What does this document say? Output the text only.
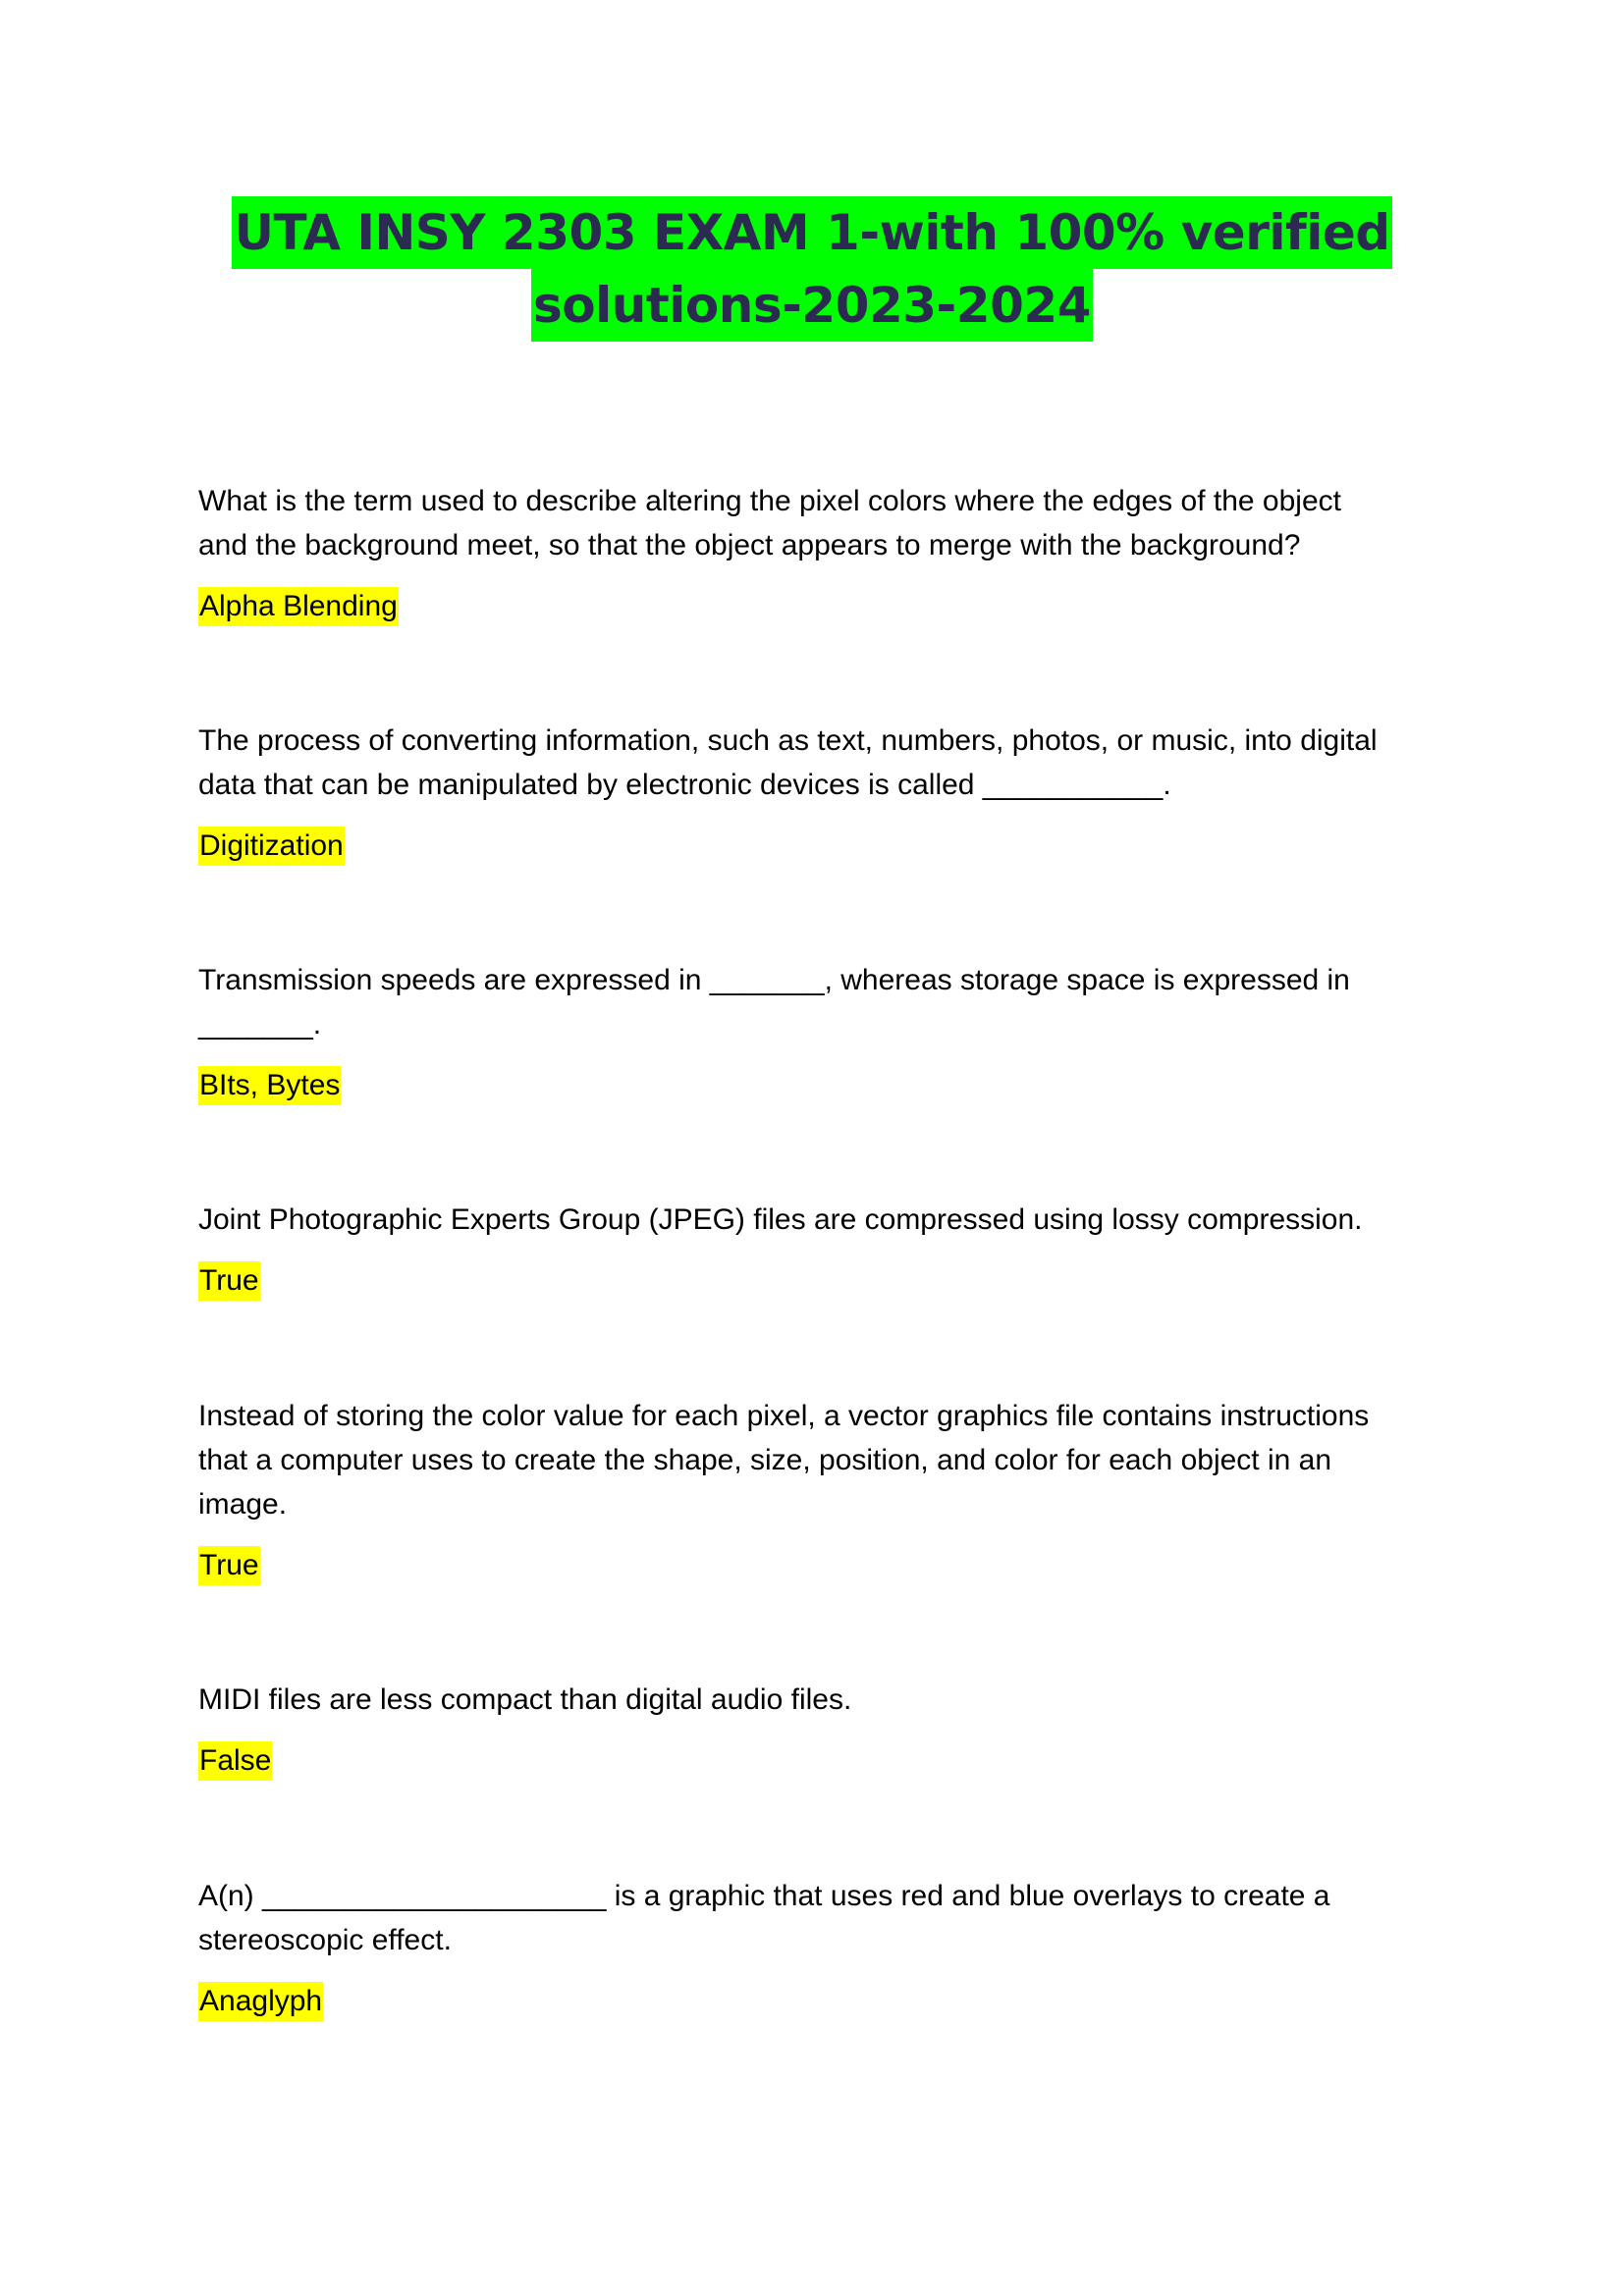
UTA INSY 2303 EXAM 1-with 100% verified
solutions-2023-2024

What is the term used to describe altering the pixel colors where the edges of the object
and the background meet, so that the object appears to merge with the background?

Alpha Blending

The process of converting information, such as text, numbers, photos, or music, into digital
data that can be manipulated by electronic devices is called ___________.

Digitization

Transmission speeds are expressed in _______, whereas storage space is expressed in
_______.

BIts, Bytes

Joint Photographic Experts Group (JPEG) files are compressed using lossy compression.

True

Instead of storing the color value for each pixel, a vector graphics file contains instructions
that a computer uses to create the shape, size, position, and color for each object in an
image.

True

MIDI files are less compact than digital audio files.

False

A(n) _____________________ is a graphic that uses red and blue overlays to create a
stereoscopic effect.

Anaglyph
